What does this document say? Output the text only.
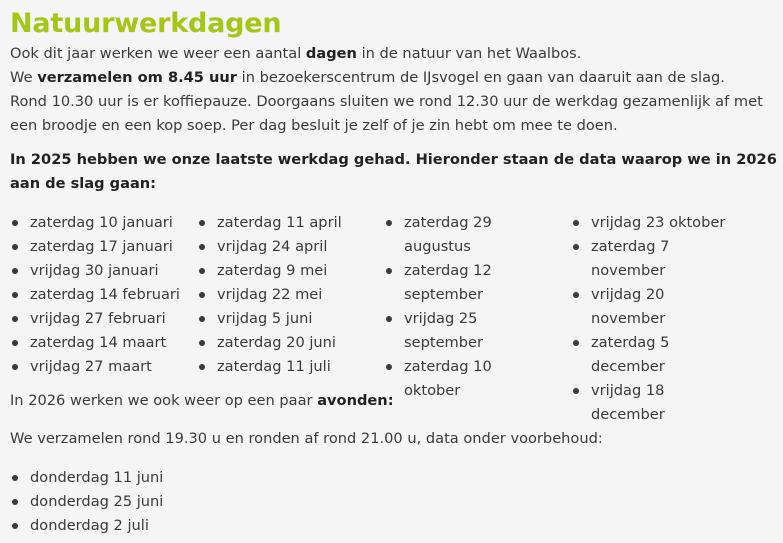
Natuurwerkdagen

Ook dit jaar werken we weer een aantal dagen in de natuur van het Waalbos.

We verzamelen om 8.45 uur in bezoekerscentrum de IJsvogel en gaan van daaruit aan de slag.

Rond 10.30 uur is er koffiepauze. Doorgaans sluiten we rond 12.30 uur de werkdag gezamenlijk af met een broodje en een kop soep. Per dag besluit je zelf of je zin hebt om mee te doen.

In 2025 hebben we onze laatste werkdag gehad. Hieronder staan de data waarop we in 2026 aan de slag gaan:

zaterdag 10 januari
zaterdag 17 januari
vrijdag 30 januari
zaterdag 14 februari
vrijdag 27 februari
zaterdag 14 maart
vrijdag 27 maart
zaterdag 11 april
vrijdag 24 april
zaterdag 9 mei
vrijdag 22 mei
vrijdag 5 juni
zaterdag 20 juni
zaterdag 11 juli
zaterdag 29 augustus
zaterdag 12 september
vrijdag 25 september
zaterdag 10 oktober
vrijdag 23 oktober
zaterdag 7 november
vrijdag 20 november
zaterdag 5 december
vrijdag 18 december

In 2026 werken we ook weer op een paar avonden:

We verzamelen rond 19.30 u en ronden af rond 21.00 u, data onder voorbehoud:

donderdag 11 juni
donderdag 25 juni
donderdag 2 juli
